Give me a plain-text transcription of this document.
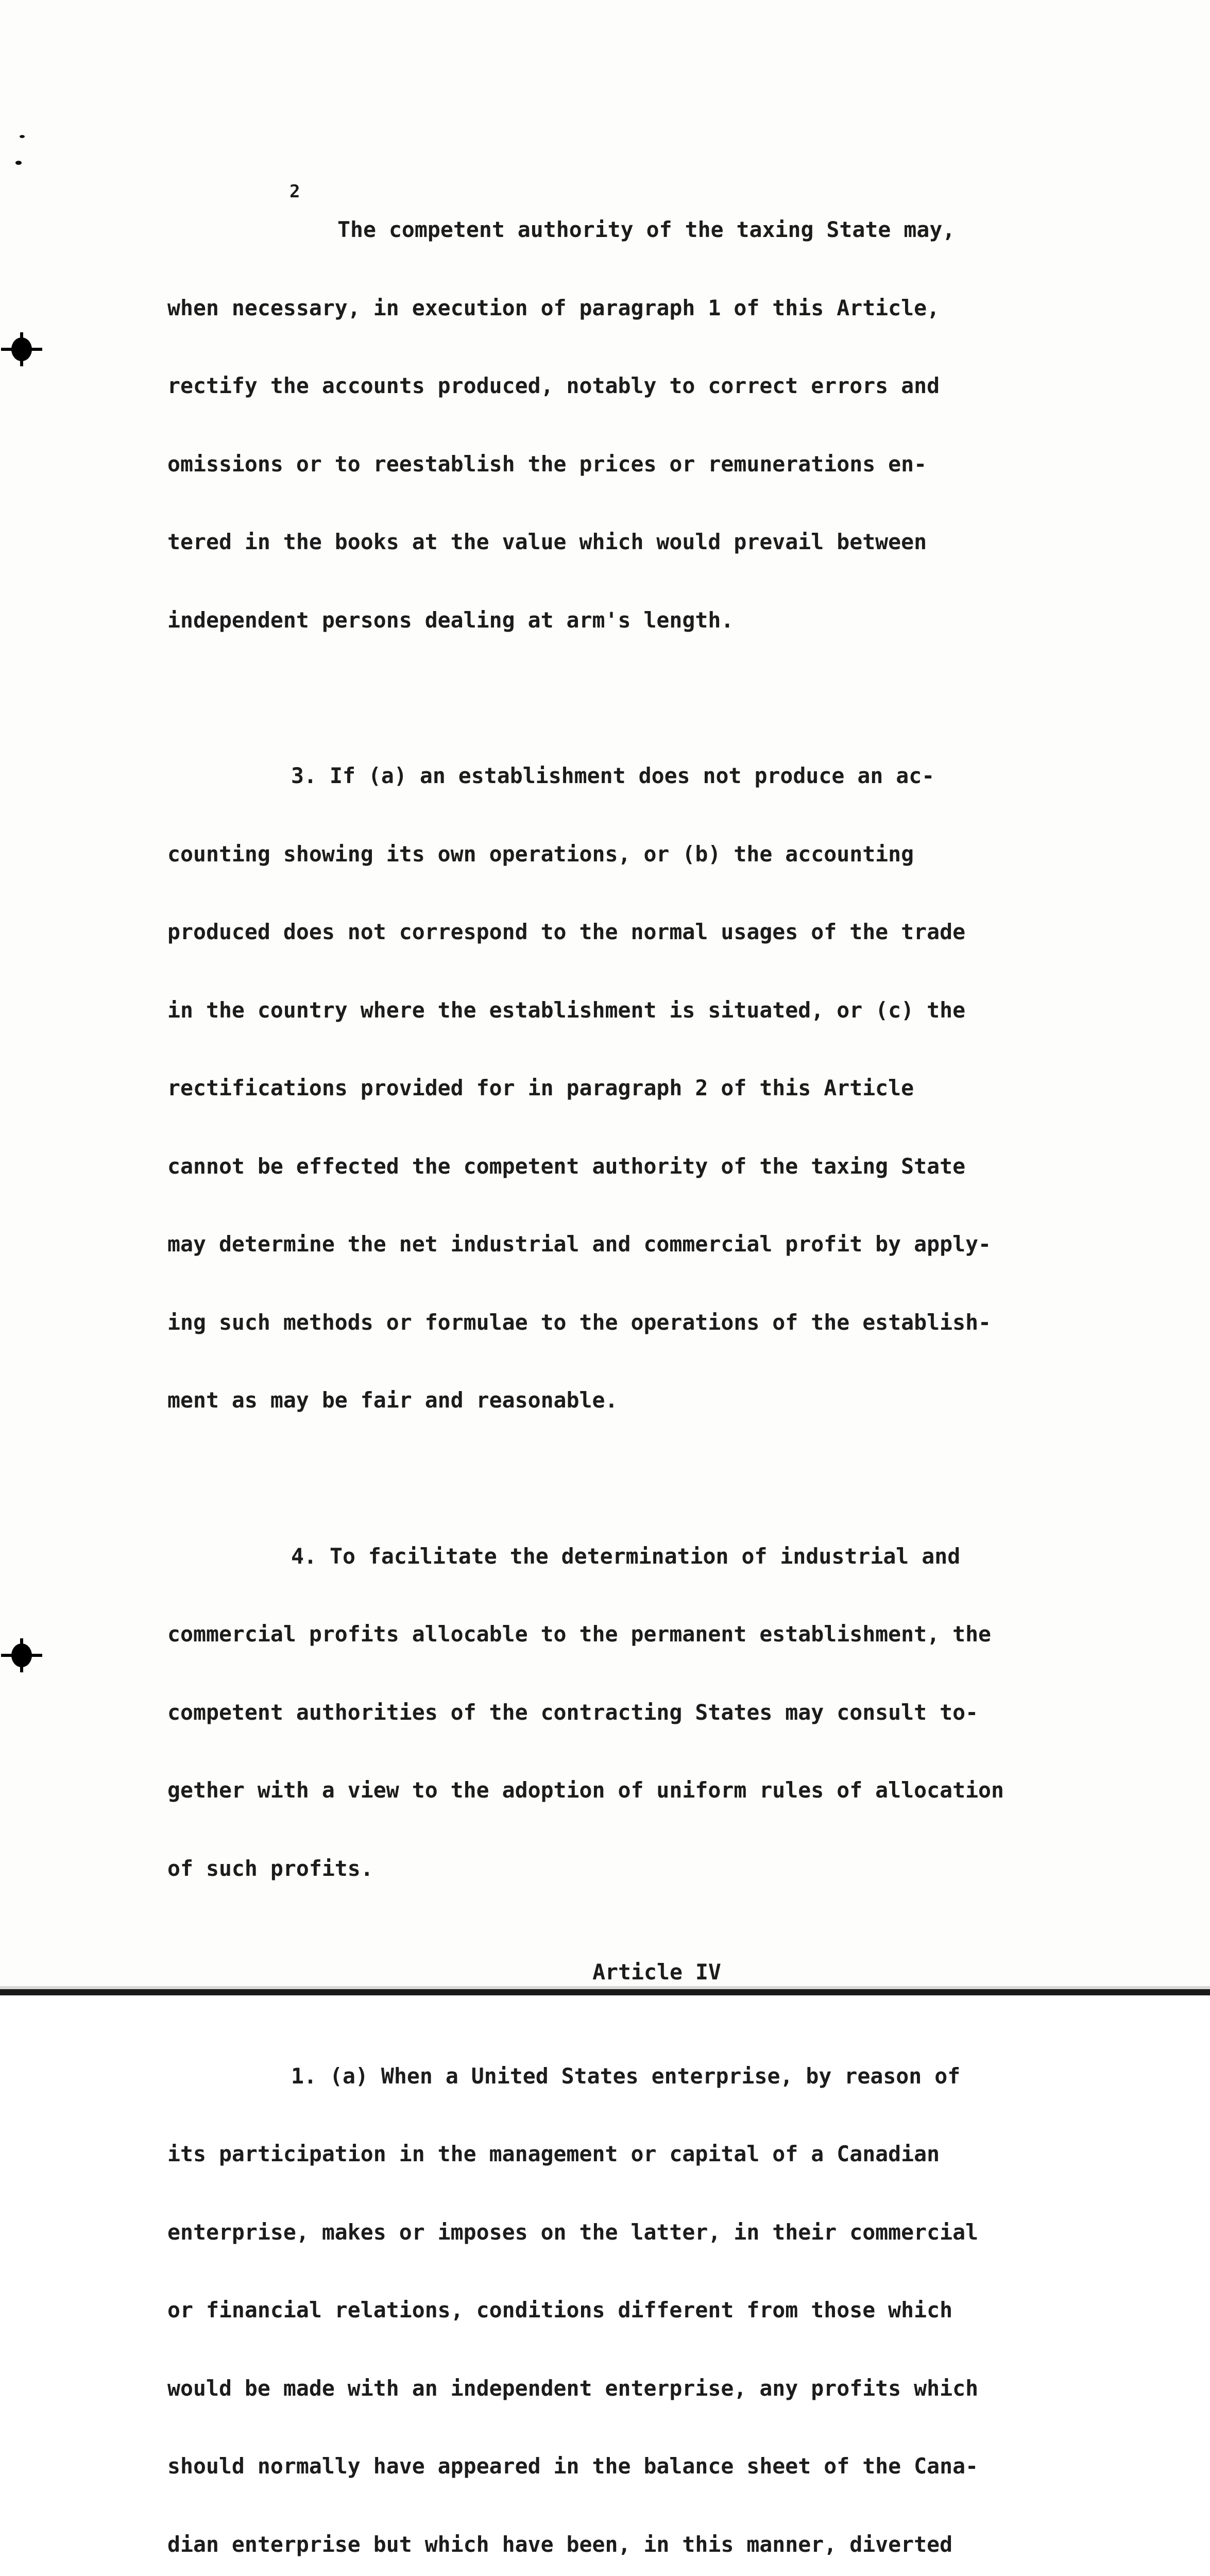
2

The competent authority of the taxing State may,

when necessary, in execution of paragraph 1 of this Article,

rectify the accounts produced, notably to correct errors and

omissions or to reestablish the prices or remunerations en-

tered in the books at the value which would prevail between

independent persons dealing at arm's length.

3. If (a) an establishment does not produce an ac-

counting showing its own operations, or (b) the accounting

produced does not correspond to the normal usages of the trade

in the country where the establishment is situated, or (c) the

rectifications provided for in paragraph 2 of this Article

cannot be effected the competent authority of the taxing State

may determine the net industrial and commercial profit by apply-

ing such methods or formulae to the operations of the establish-

ment as may be fair and reasonable.

4. To facilitate the determination of industrial and

commercial profits allocable to the permanent establishment, the

competent authorities of the contracting States may consult to-

gether with a view to the adoption of uniform rules of allocation

of such profits.

Article IV

1. (a) When a United States enterprise, by reason of

its participation in the management or capital of a Canadian

enterprise, makes or imposes on the latter, in their commercial

or financial relations, conditions different from those which

would be made with an independent enterprise, any profits which

should normally have appeared in the balance sheet of the Cana-

dian enterprise but which have been, in this manner, diverted
